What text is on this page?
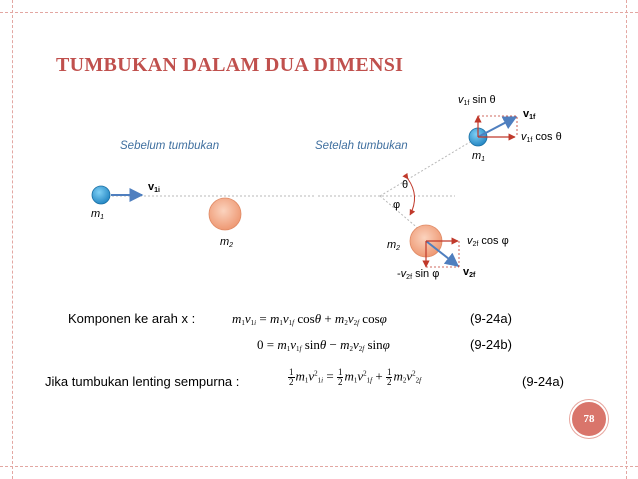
TUMBUKAN DALAM DUA DIMENSI
Sebelum tumbukan	Setelah tumbukan
$v_{1i}$
$m_1$
$m_2$
$v_{1f}$ sin θ
$v_{1f}$
$v_{1f}$ cos θ
$m_1$
θ
φ
$m_2$
$v_{2f}$ cos φ
$-v_{2f}$ sin φ $v_{2f}$
Komponen ke arah x :	$m_1v_{1i} = m_1v_{1f}$ $\cos\theta + m_2v_{2f}$ cosφ	(9-24a)
$0 = m_1v_{1f}$ $\sin\theta - m_2v_{2f}$ sinφ	(9-24b)
Jika tumbukan lenting sempurna :	$\frac{1}{2} m_1v^2_{1i} = \frac{1}{2} m_1v^2_{1f} + \frac{1}{2} m_2v^2_{2f}$	(9-24a)
78
